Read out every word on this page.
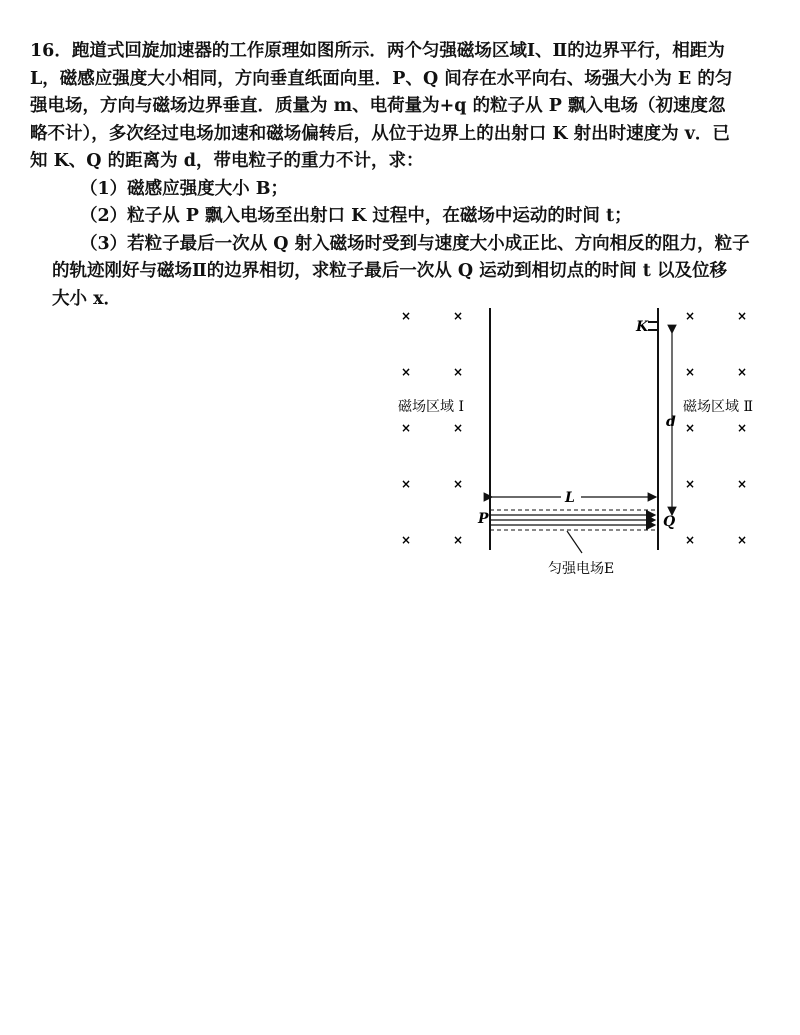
16．跑道式回旋加速器的工作原理如图所示．两个匀强磁场区域Ⅰ、Ⅱ的边界平行，相距为
L，磁感应强度大小相同，方向垂直纸面向里．P、Q 间存在水平向右、场强大小为 E 的匀
强电场，方向与磁场边界垂直．质量为 m、电荷量为+q 的粒子从 P 飘入电场（初速度忽
略不计），多次经过电场加速和磁场偏转后，从位于边界上的出射口 K 射出时速度为 v．已
知 K、Q 的距离为 d，带电粒子的重力不计，求：
（1）磁感应强度大小 B；
（2）粒子从 P 飘入电场至出射口 K 过程中，在磁场中运动的时间 t；
（3）若粒子最后一次从 Q 射入磁场时受到与速度大小成正比、方向相反的阻力，粒子
的轨迹刚好与磁场Ⅱ的边界相切，求粒子最后一次从 Q 运动到相切点的时间 t 以及位移
大小 x．
×	×
×	×
×	×
×	×
×	×
×	×
×	×
×	×
×	×
×	×
磁场区域 Ⅰ	磁场区域 Ⅱ
K
d
L
P	Q
匀强电场E
